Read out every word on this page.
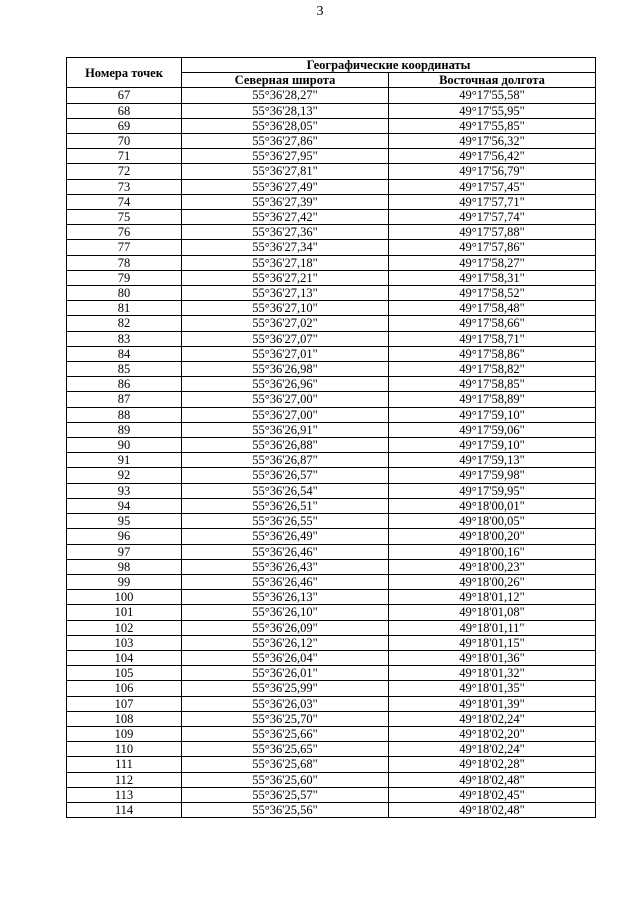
3
Номера точек	Географические координаты	
	Северная широта	Восточная долгота
67	55°36'28,27"	49°17'55,58"
68	55°36'28,13"	49°17'55,95"
69	55°36'28,05"	49°17'55,85"
70	55°36'27,86"	49°17'56,32"
71	55°36'27,95"	49°17'56,42"
72	55°36'27,81"	49°17'56,79"
73	55°36'27,49"	49°17'57,45"
74	55°36'27,39"	49°17'57,71"
75	55°36'27,42"	49°17'57,74"
76	55°36'27,36"	49°17'57,88"
77	55°36'27,34"	49°17'57,86"
78	55°36'27,18"	49°17'58,27"
79	55°36'27,21"	49°17'58,31"
80	55°36'27,13"	49°17'58,52"
81	55°36'27,10"	49°17'58,48"
82	55°36'27,02"	49°17'58,66"
83	55°36'27,07"	49°17'58,71"
84	55°36'27,01"	49°17'58,86"
85	55°36'26,98"	49°17'58,82"
86	55°36'26,96"	49°17'58,85"
87	55°36'27,00"	49°17'58,89"
88	55°36'27,00"	49°17'59,10"
89	55°36'26,91"	49°17'59,06"
90	55°36'26,88"	49°17'59,10"
91	55°36'26,87"	49°17'59,13"
92	55°36'26,57"	49°17'59,98"
93	55°36'26,54"	49°17'59,95"
94	55°36'26,51"	49°18'00,01"
95	55°36'26,55"	49°18'00,05"
96	55°36'26,49"	49°18'00,20"
97	55°36'26,46"	49°18'00,16"
98	55°36'26,43"	49°18'00,23"
99	55°36'26,46"	49°18'00,26"
100	55°36'26,13"	49°18'01,12"
101	55°36'26,10"	49°18'01,08"
102	55°36'26,09"	49°18'01,11"
103	55°36'26,12"	49°18'01,15"
104	55°36'26,04"	49°18'01,36"
105	55°36'26,01"	49°18'01,32"
106	55°36'25,99"	49°18'01,35"
107	55°36'26,03"	49°18'01,39"
108	55°36'25,70"	49°18'02,24"
109	55°36'25,66"	49°18'02,20"
110	55°36'25,65"	49°18'02,24"
111	55°36'25,68"	49°18'02,28"
112	55°36'25,60"	49°18'02,48"
113	55°36'25,57"	49°18'02,45"
114	55°36'25,56"	49°18'02,48"
